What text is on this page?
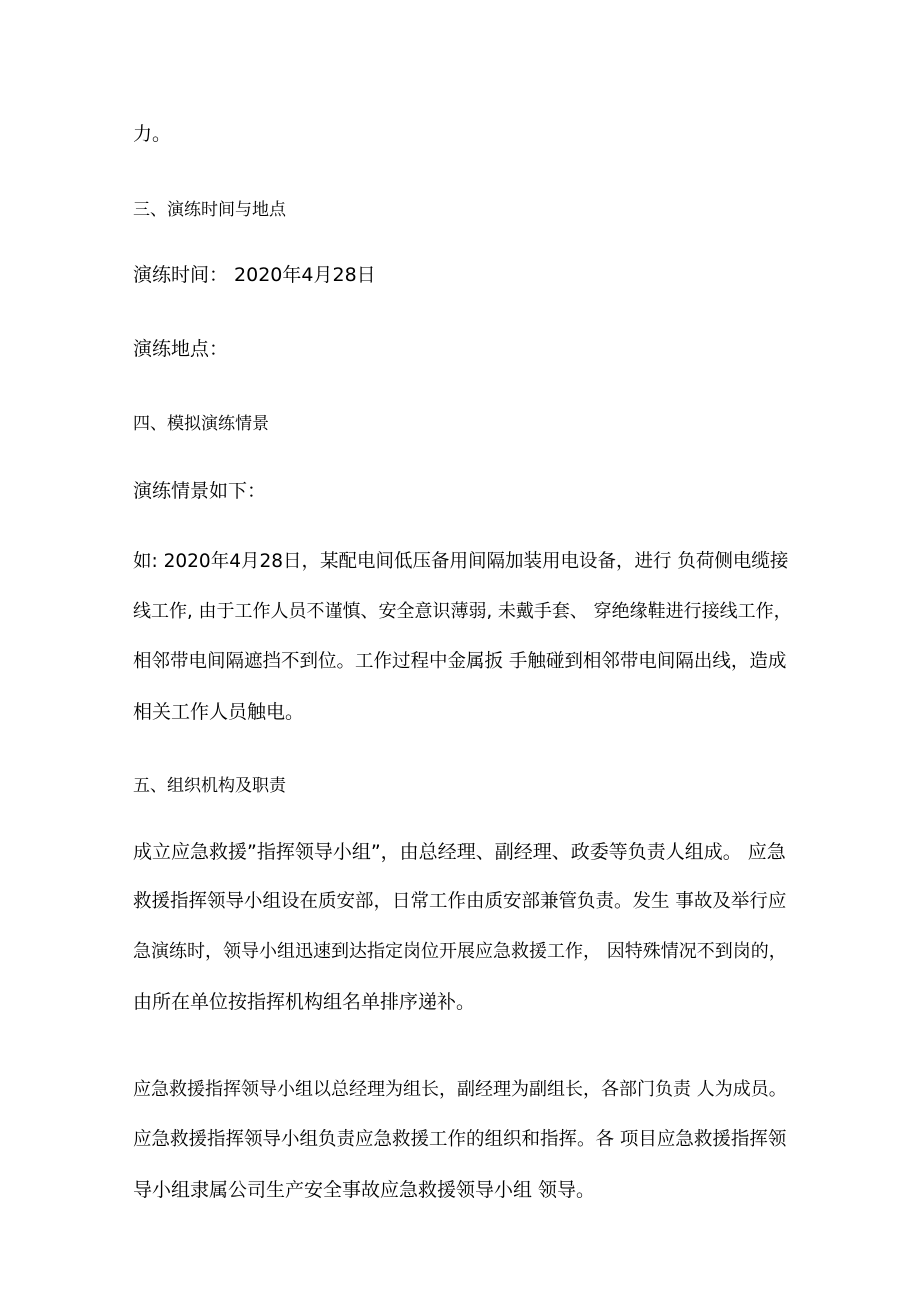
力。
三、演练时间与地点
演练时间： 2020年4月28日
演练地点：
四、模拟演练情景
演练情景如下：
如: 2020年4月28日，某配电间低压备用间隔加装用电设备，进行 负荷侧电缆接
线工作, 由于工作人员不谨慎、安全意识薄弱, 未戴手套、 穿绝缘鞋进行接线工作，
相邻带电间隔遮挡不到位。工作过程中金属扳 手触碰到相邻带电间隔出线，造成
相关工作人员触电。
五、组织机构及职责
成立应急救援”指挥领导小组”，由总经理、副经理、政委等负责人组成。 应急
救援指挥领导小组设在质安部，日常工作由质安部兼管负责。发生 事故及举行应
急演练时，领导小组迅速到达指定岗位开展应急救援工作， 因特殊情况不到岗的，
由所在单位按指挥机构组名单排序递补。
应急救援指挥领导小组以总经理为组长，副经理为副组长，各部门负责 人为成员。
应急救援指挥领导小组负责应急救援工作的组织和指挥。各 项目应急救援指挥领
导小组隶属公司生产安全事故应急救援领导小组 领导。
